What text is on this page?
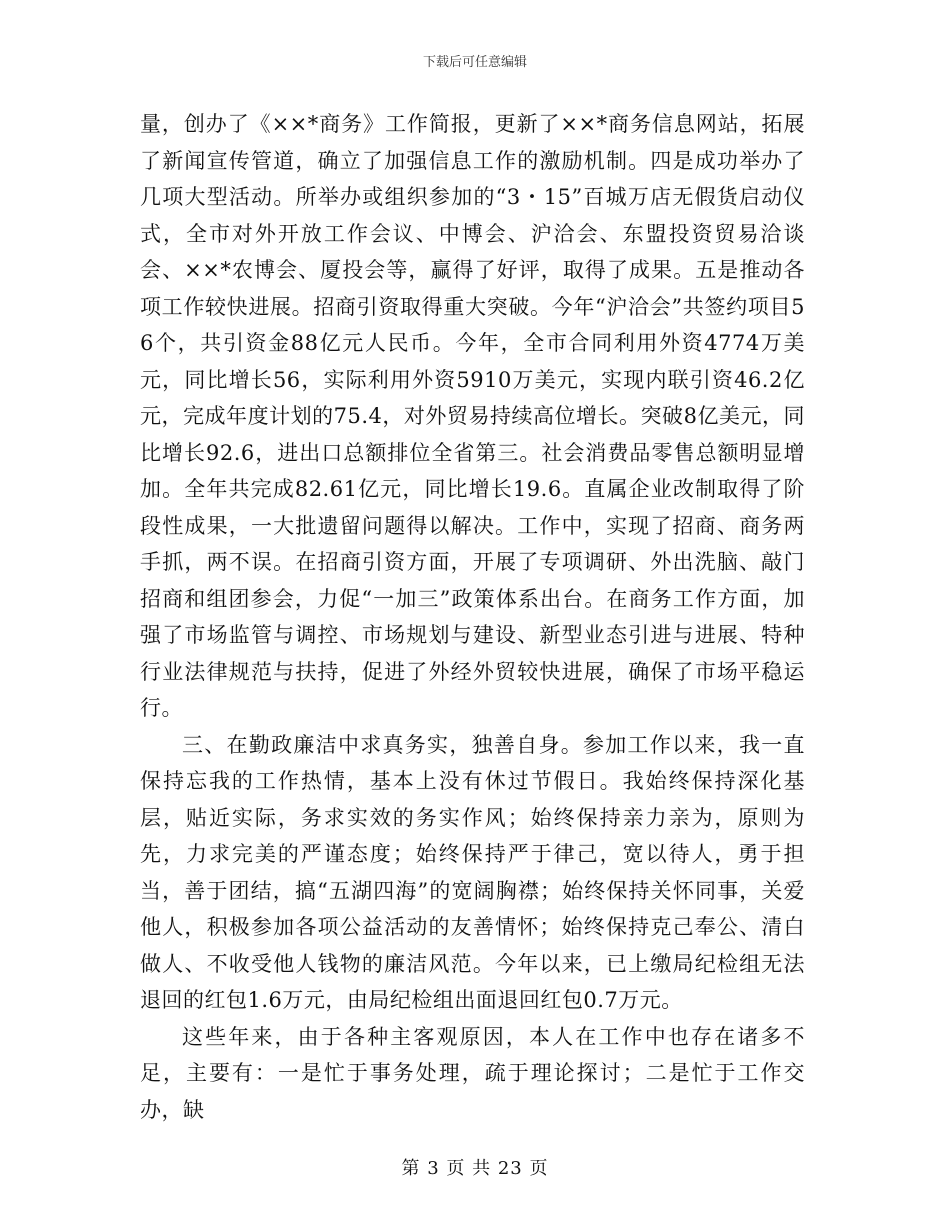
下载后可任意编辑

量，创办了《××*商务》工作简报，更新了××*商务信息网站，拓展了新闻宣传管道，确立了加强信息工作的激励机制。四是成功举办了几项大型活动。所举办或组织参加的“3・15”百城万店无假货启动仪式，全市对外开放工作会议、中博会、沪洽会、东盟投资贸易洽谈会、××*农博会、厦投会等，赢得了好评，取得了成果。五是推动各项工作较快进展。招商引资取得重大突破。今年“沪洽会”共签约项目56个，共引资金88亿元人民币。今年，全市合同利用外资4774万美元，同比增长56，实际利用外资5910万美元，实现内联引资46.2亿元，完成年度计划的75.4，对外贸易持续高位增长。突破8亿美元，同比增长92.6，进出口总额排位全省第三。社会消费品零售总额明显增加。全年共完成82.61亿元，同比增长19.6。直属企业改制取得了阶段性成果，一大批遗留问题得以解决。工作中，实现了招商、商务两手抓，两不误。在招商引资方面，开展了专项调研、外出洗脑、敲门招商和组团参会，力促“一加三”政策体系出台。在商务工作方面，加强了市场监管与调控、市场规划与建设、新型业态引进与进展、特种行业法律规范与扶持，促进了外经外贸较快进展，确保了市场平稳运行。

三、在勤政廉洁中求真务实，独善自身。参加工作以来，我一直保持忘我的工作热情，基本上没有休过节假日。我始终保持深化基层，贴近实际，务求实效的务实作风；始终保持亲力亲为，原则为先，力求完美的严谨态度；始终保持严于律己，宽以待人，勇于担当，善于团结，搞“五湖四海”的宽阔胸襟；始终保持关怀同事，关爱他人，积极参加各项公益活动的友善情怀；始终保持克己奉公、清白做人、不收受他人钱物的廉洁风范。今年以来，已上缴局纪检组无法退回的红包1.6万元，由局纪检组出面退回红包0.7万元。

这些年来，由于各种主客观原因，本人在工作中也存在诸多不足，主要有：一是忙于事务处理，疏于理论探讨；二是忙于工作交办，缺

第 3 页 共 23 页
